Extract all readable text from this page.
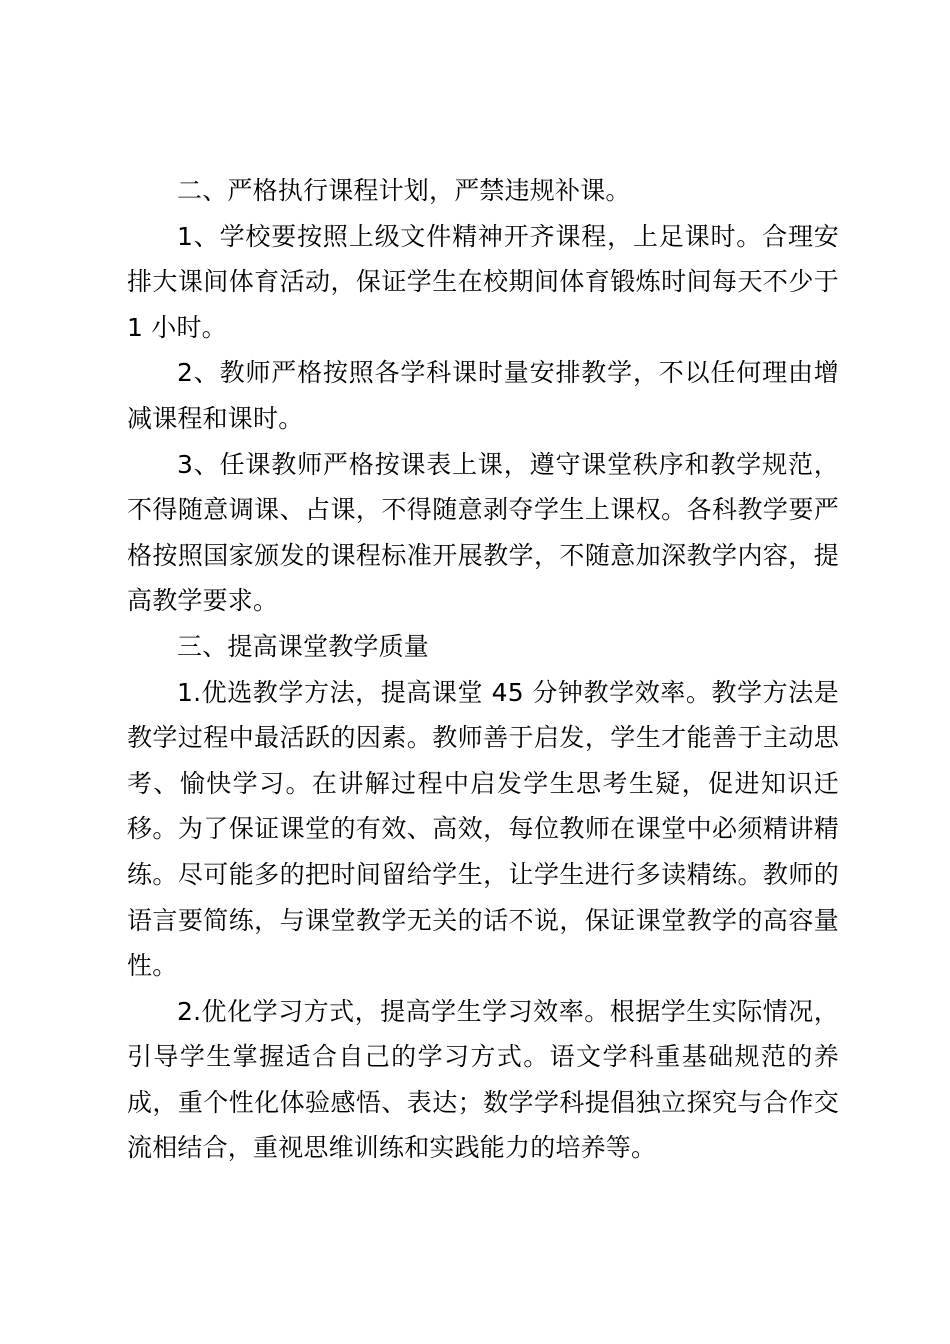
二、严格执行课程计划，严禁违规补课。

1、学校要按照上级文件精神开齐课程，上足课时。合理安排大课间体育活动，保证学生在校期间体育锻炼时间每天不少于 1 小时。

2、教师严格按照各学科课时量安排教学，不以任何理由增减课程和课时。

3、任课教师严格按课表上课，遵守课堂秩序和教学规范，不得随意调课、占课，不得随意剥夺学生上课权。各科教学要严格按照国家颁发的课程标准开展教学，不随意加深教学内容，提高教学要求。

三、提高课堂教学质量

1.优选教学方法，提高课堂 45 分钟教学效率。教学方法是教学过程中最活跃的因素。教师善于启发，学生才能善于主动思考、愉快学习。在讲解过程中启发学生思考生疑，促进知识迁移。为了保证课堂的有效、高效，每位教师在课堂中必须精讲精练。尽可能多的把时间留给学生，让学生进行多读精练。教师的语言要简练，与课堂教学无关的话不说，保证课堂教学的高容量性。

2.优化学习方式，提高学生学习效率。根据学生实际情况，引导学生掌握适合自己的学习方式。语文学科重基础规范的养成，重个性化体验感悟、表达；数学学科提倡独立探究与合作交流相结合，重视思维训练和实践能力的培养等。
